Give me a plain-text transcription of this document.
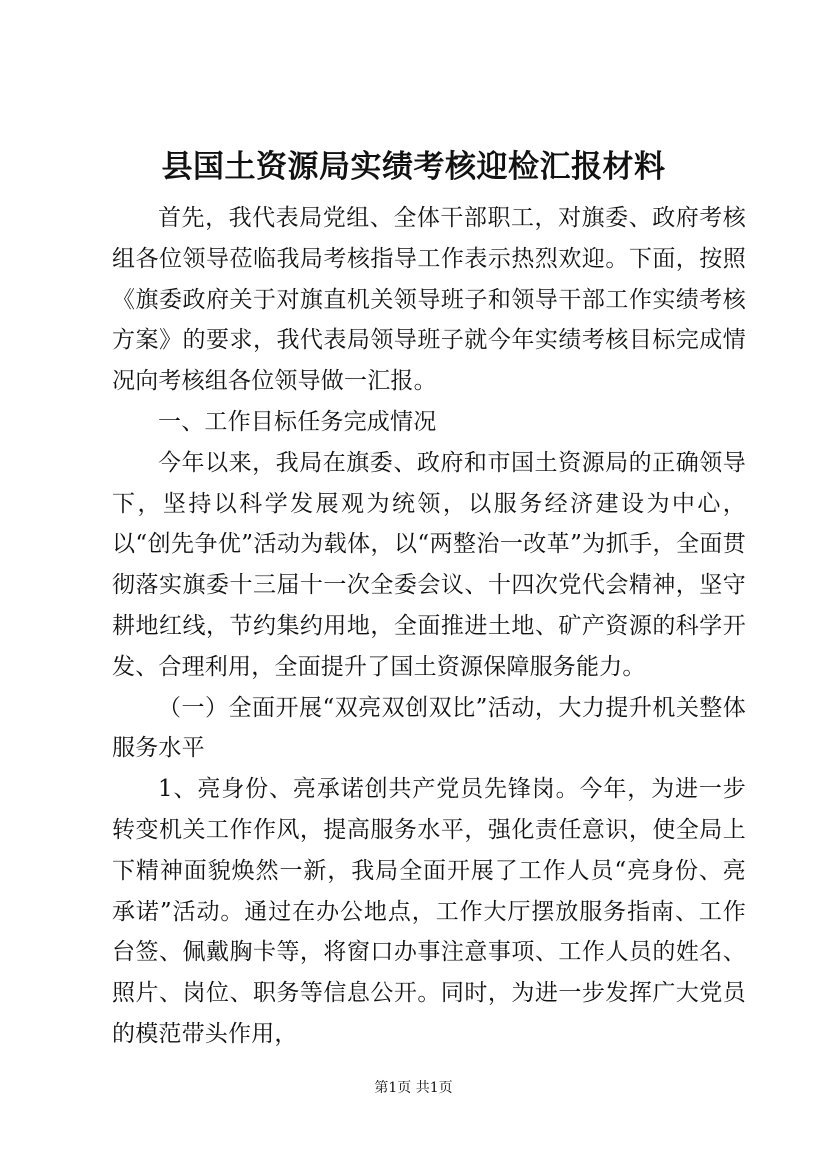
县国土资源局实绩考核迎检汇报材料

首先，我代表局党组、全体干部职工，对旗委、政府考核组各位领导莅临我局考核指导工作表示热烈欢迎。下面，按照《旗委政府关于对旗直机关领导班子和领导干部工作实绩考核方案》的要求，我代表局领导班子就今年实绩考核目标完成情况向考核组各位领导做一汇报。

一、工作目标任务完成情况

今年以来，我局在旗委、政府和市国土资源局的正确领导下，坚持以科学发展观为统领，以服务经济建设为中心，以“创先争优”活动为载体，以“两整治一改革”为抓手，全面贯彻落实旗委十三届十一次全委会议、十四次党代会精神，坚守耕地红线，节约集约用地，全面推进土地、矿产资源的科学开发、合理利用，全面提升了国土资源保障服务能力。

（一）全面开展“双亮双创双比”活动，大力提升机关整体服务水平

1、亮身份、亮承诺创共产党员先锋岗。今年，为进一步转变机关工作作风，提高服务水平，强化责任意识，使全局上下精神面貌焕然一新，我局全面开展了工作人员“亮身份、亮承诺”活动。通过在办公地点，工作大厅摆放服务指南、工作台签、佩戴胸卡等，将窗口办事注意事项、工作人员的姓名、照片、岗位、职务等信息公开。同时，为进一步发挥广大党员的模范带头作用，

第1页 共1页
